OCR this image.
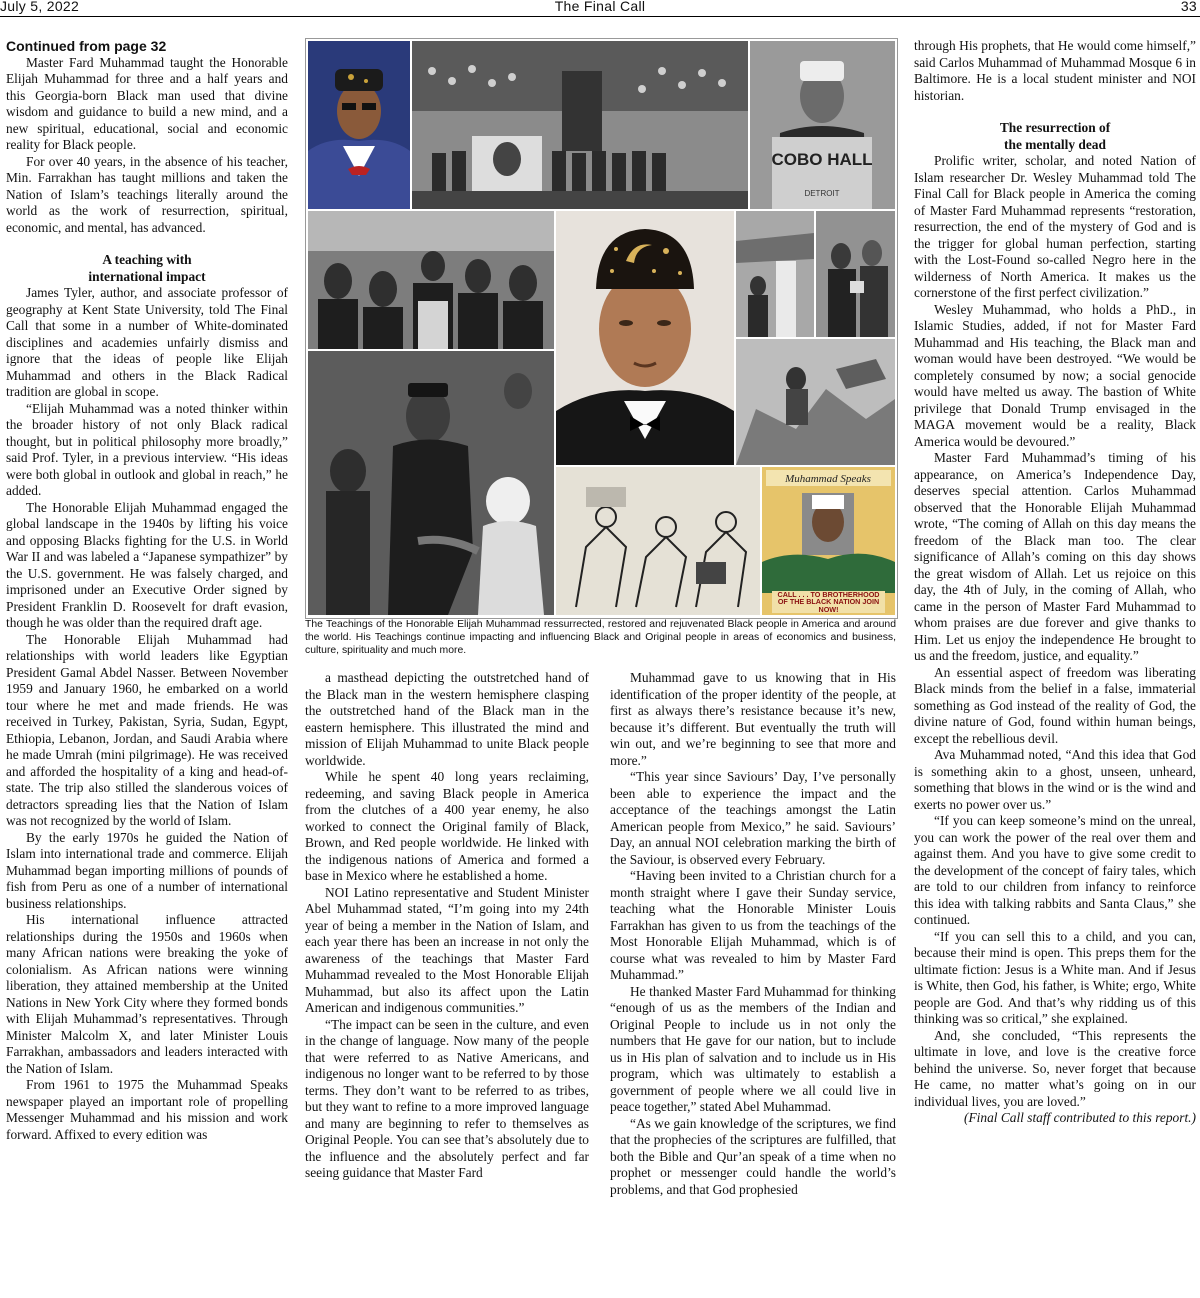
July 5, 2022	The Final Call	33

Continued from page 32

Master Fard Muhammad taught the Honorable Elijah Muhammad for three and a half years and this Georgia-born Black man used that divine wisdom and guidance to build a new mind, and a new spiritual, educational, social and economic reality for Black people.

For over 40 years, in the absence of his teacher, Min. Farrakhan has taught millions and taken the Nation of Islam’s teachings literally around the world as the work of resurrection, spiritual, economic, and mental, has advanced.

A teaching with
international impact

James Tyler, author, and associate professor of geography at Kent State University, told The Final Call that some in a number of White-dominated disciplines and academies unfairly dismiss and ignore that the ideas of people like Elijah Muhammad and others in the Black Radical tradition are global in scope.

“Elijah Muhammad was a noted thinker within the broader history of not only Black radical thought, but in political philosophy more broadly,” said Prof. Tyler, in a previous interview. “His ideas were both global in outlook and global in reach,” he added.

The Honorable Elijah Muhammad engaged the global landscape in the 1940s by lifting his voice and opposing Blacks fighting for the U.S. in World War II and was labeled a “Japanese sympathizer” by the U.S. government. He was falsely charged, and imprisoned under an Executive Order signed by President Franklin D. Roosevelt for draft evasion, though he was older than the required draft age.

The Honorable Elijah Muhammad had relationships with world leaders like Egyptian President Gamal Abdel Nasser. Between November 1959 and January 1960, he embarked on a world tour where he met and made friends. He was received in Turkey, Pakistan, Syria, Sudan, Egypt, Ethiopia, Lebanon, Jordan, and Saudi Arabia where he made Umrah (mini pilgrimage). He was received and afforded the hospitality of a king and head-of-state. The trip also stilled the slanderous voices of detractors spreading lies that the Nation of Islam was not recognized by the world of Islam.

By the early 1970s he guided the Nation of Islam into international trade and commerce. Elijah Muhammad began importing millions of pounds of fish from Peru as one of a number of international business relationships.

His international influence attracted relationships during the 1950s and 1960s when many African nations were breaking the yoke of colonialism. As African nations were winning liberation, they attained membership at the United Nations in New York City where they formed bonds with Elijah Muhammad’s representatives. Through Minister Malcolm X, and later Minister Louis Farrakhan, ambassadors and leaders interacted with the Nation of Islam.

From 1961 to 1975 the Muhammad Speaks newspaper played an important role of propelling Messenger Muhammad and his mission and work forward. Affixed to every edition was

COBO HALL
DETROIT
Muhammad Speaks
CALL . . . TO BROTHERHOOD OF THE BLACK NATION JOIN NOW!
The Teachings of the Honorable Elijah Muhammad ressurrected, restored and rejuvenated Black people in America and around the world. His Teachings continue impacting and influencing Black and Original people in areas of economics and business, culture, spirituality and much more.

a masthead depicting the outstretched hand of the Black man in the western hemisphere clasping the outstretched hand of the Black man in the eastern hemisphere. This illustrated the mind and mission of Elijah Muhammad to unite Black people worldwide.

While he spent 40 long years reclaiming, redeeming, and saving Black people in America from the clutches of a 400 year enemy, he also worked to connect the Original family of Black, Brown, and Red people worldwide. He linked with the indigenous nations of America and formed a base in Mexico where he established a home.

NOI Latino representative and Student Minister Abel Muhammad stated, “I’m going into my 24th year of being a member in the Nation of Islam, and each year there has been an increase in not only the awareness of the teachings that Master Fard Muhammad revealed to the Most Honorable Elijah Muhammad, but also its affect upon the Latin American and indigenous communities.”

“The impact can be seen in the culture, and even in the change of language. Now many of the people that were referred to as Native Americans, and indigenous no longer want to be referred to by those terms. They don’t want to be referred to as tribes, but they want to refine to a more improved language and many are beginning to refer to themselves as Original People. You can see that’s absolutely due to the influence and the absolutely perfect and far seeing guidance that Master Fard

Muhammad gave to us knowing that in His identification of the proper identity of the people, at first as always there’s resistance because it’s new, because it’s different. But eventually the truth will win out, and we’re beginning to see that more and more.”

“This year since Saviours’ Day, I’ve personally been able to experience the impact and the acceptance of the teachings amongst the Latin American people from Mexico,” he said. Saviours’ Day, an annual NOI celebration marking the birth of the Saviour, is observed every February.

“Having been invited to a Christian church for a month straight where I gave their Sunday service, teaching what the Honorable Minister Louis Farrakhan has given to us from the teachings of the Most Honorable Elijah Muhammad, which is of course what was revealed to him by Master Fard Muhammad.”

He thanked Master Fard Muhammad for thinking “enough of us as the members of the Indian and Original People to include us in not only the numbers that He gave for our nation, but to include us in His plan of salvation and to include us in His program, which was ultimately to establish a government of people where we all could live in peace together,” stated Abel Muhammad.

“As we gain knowledge of the scriptures, we find that the prophecies of the scriptures are fulfilled, that both the Bible and Qur’an speak of a time when no prophet or messenger could handle the world’s problems, and that God prophesied

through His prophets, that He would come himself,” said Carlos Muhammad of Muhammad Mosque 6 in Baltimore. He is a local student minister and NOI historian.

The resurrection of
the mentally dead

Prolific writer, scholar, and noted Nation of Islam researcher Dr. Wesley Muhammad told The Final Call for Black people in America the coming of Master Fard Muhammad represents “restoration, resurrection, the end of the mystery of God and is the trigger for global human perfection, starting with the Lost-Found so-called Negro here in the wilderness of North America. It makes us the cornerstone of the first perfect civilization.”

Wesley Muhammad, who holds a PhD., in Islamic Studies, added, if not for Master Fard Muhammad and His teaching, the Black man and woman would have been destroyed. “We would be completely consumed by now; a social genocide would have melted us away. The bastion of White privilege that Donald Trump envisaged in the MAGA movement would be a reality, Black America would be devoured.”

Master Fard Muhammad’s timing of his appearance, on America’s Independence Day, deserves special attention. Carlos Muhammad observed that the Honorable Elijah Muhammad wrote, “The coming of Allah on this day means the freedom of the Black man too. The clear significance of Allah’s coming on this day shows the great wisdom of Allah. Let us rejoice on this day, the 4th of July, in the coming of Allah, who came in the person of Master Fard Muhammad to whom praises are due forever and give thanks to Him. Let us enjoy the independence He brought to us and the freedom, justice, and equality.”

An essential aspect of freedom was liberating Black minds from the belief in a false, immaterial something as God instead of the reality of God, the divine nature of God, found within human beings, except the rebellious devil.

Ava Muhammad noted, “And this idea that God is something akin to a ghost, unseen, unheard, something that blows in the wind or is the wind and exerts no power over us.”

“If you can keep someone’s mind on the unreal, you can work the power of the real over them and against them. And you have to give some credit to the development of the concept of fairy tales, which are told to our children from infancy to reinforce this idea with talking rabbits and Santa Claus,” she continued.

“If you can sell this to a child, and you can, because their mind is open. This preps them for the ultimate fiction: Jesus is a White man. And if Jesus is White, then God, his father, is White; ergo, White people are God. And that’s why ridding us of this thinking was so critical,” she explained.

And, she concluded, “This represents the ultimate in love, and love is the creative force behind the universe. So, never forget that because He came, no matter what’s going on in our individual lives, you are loved.”

(Final Call staff contributed to this report.)
